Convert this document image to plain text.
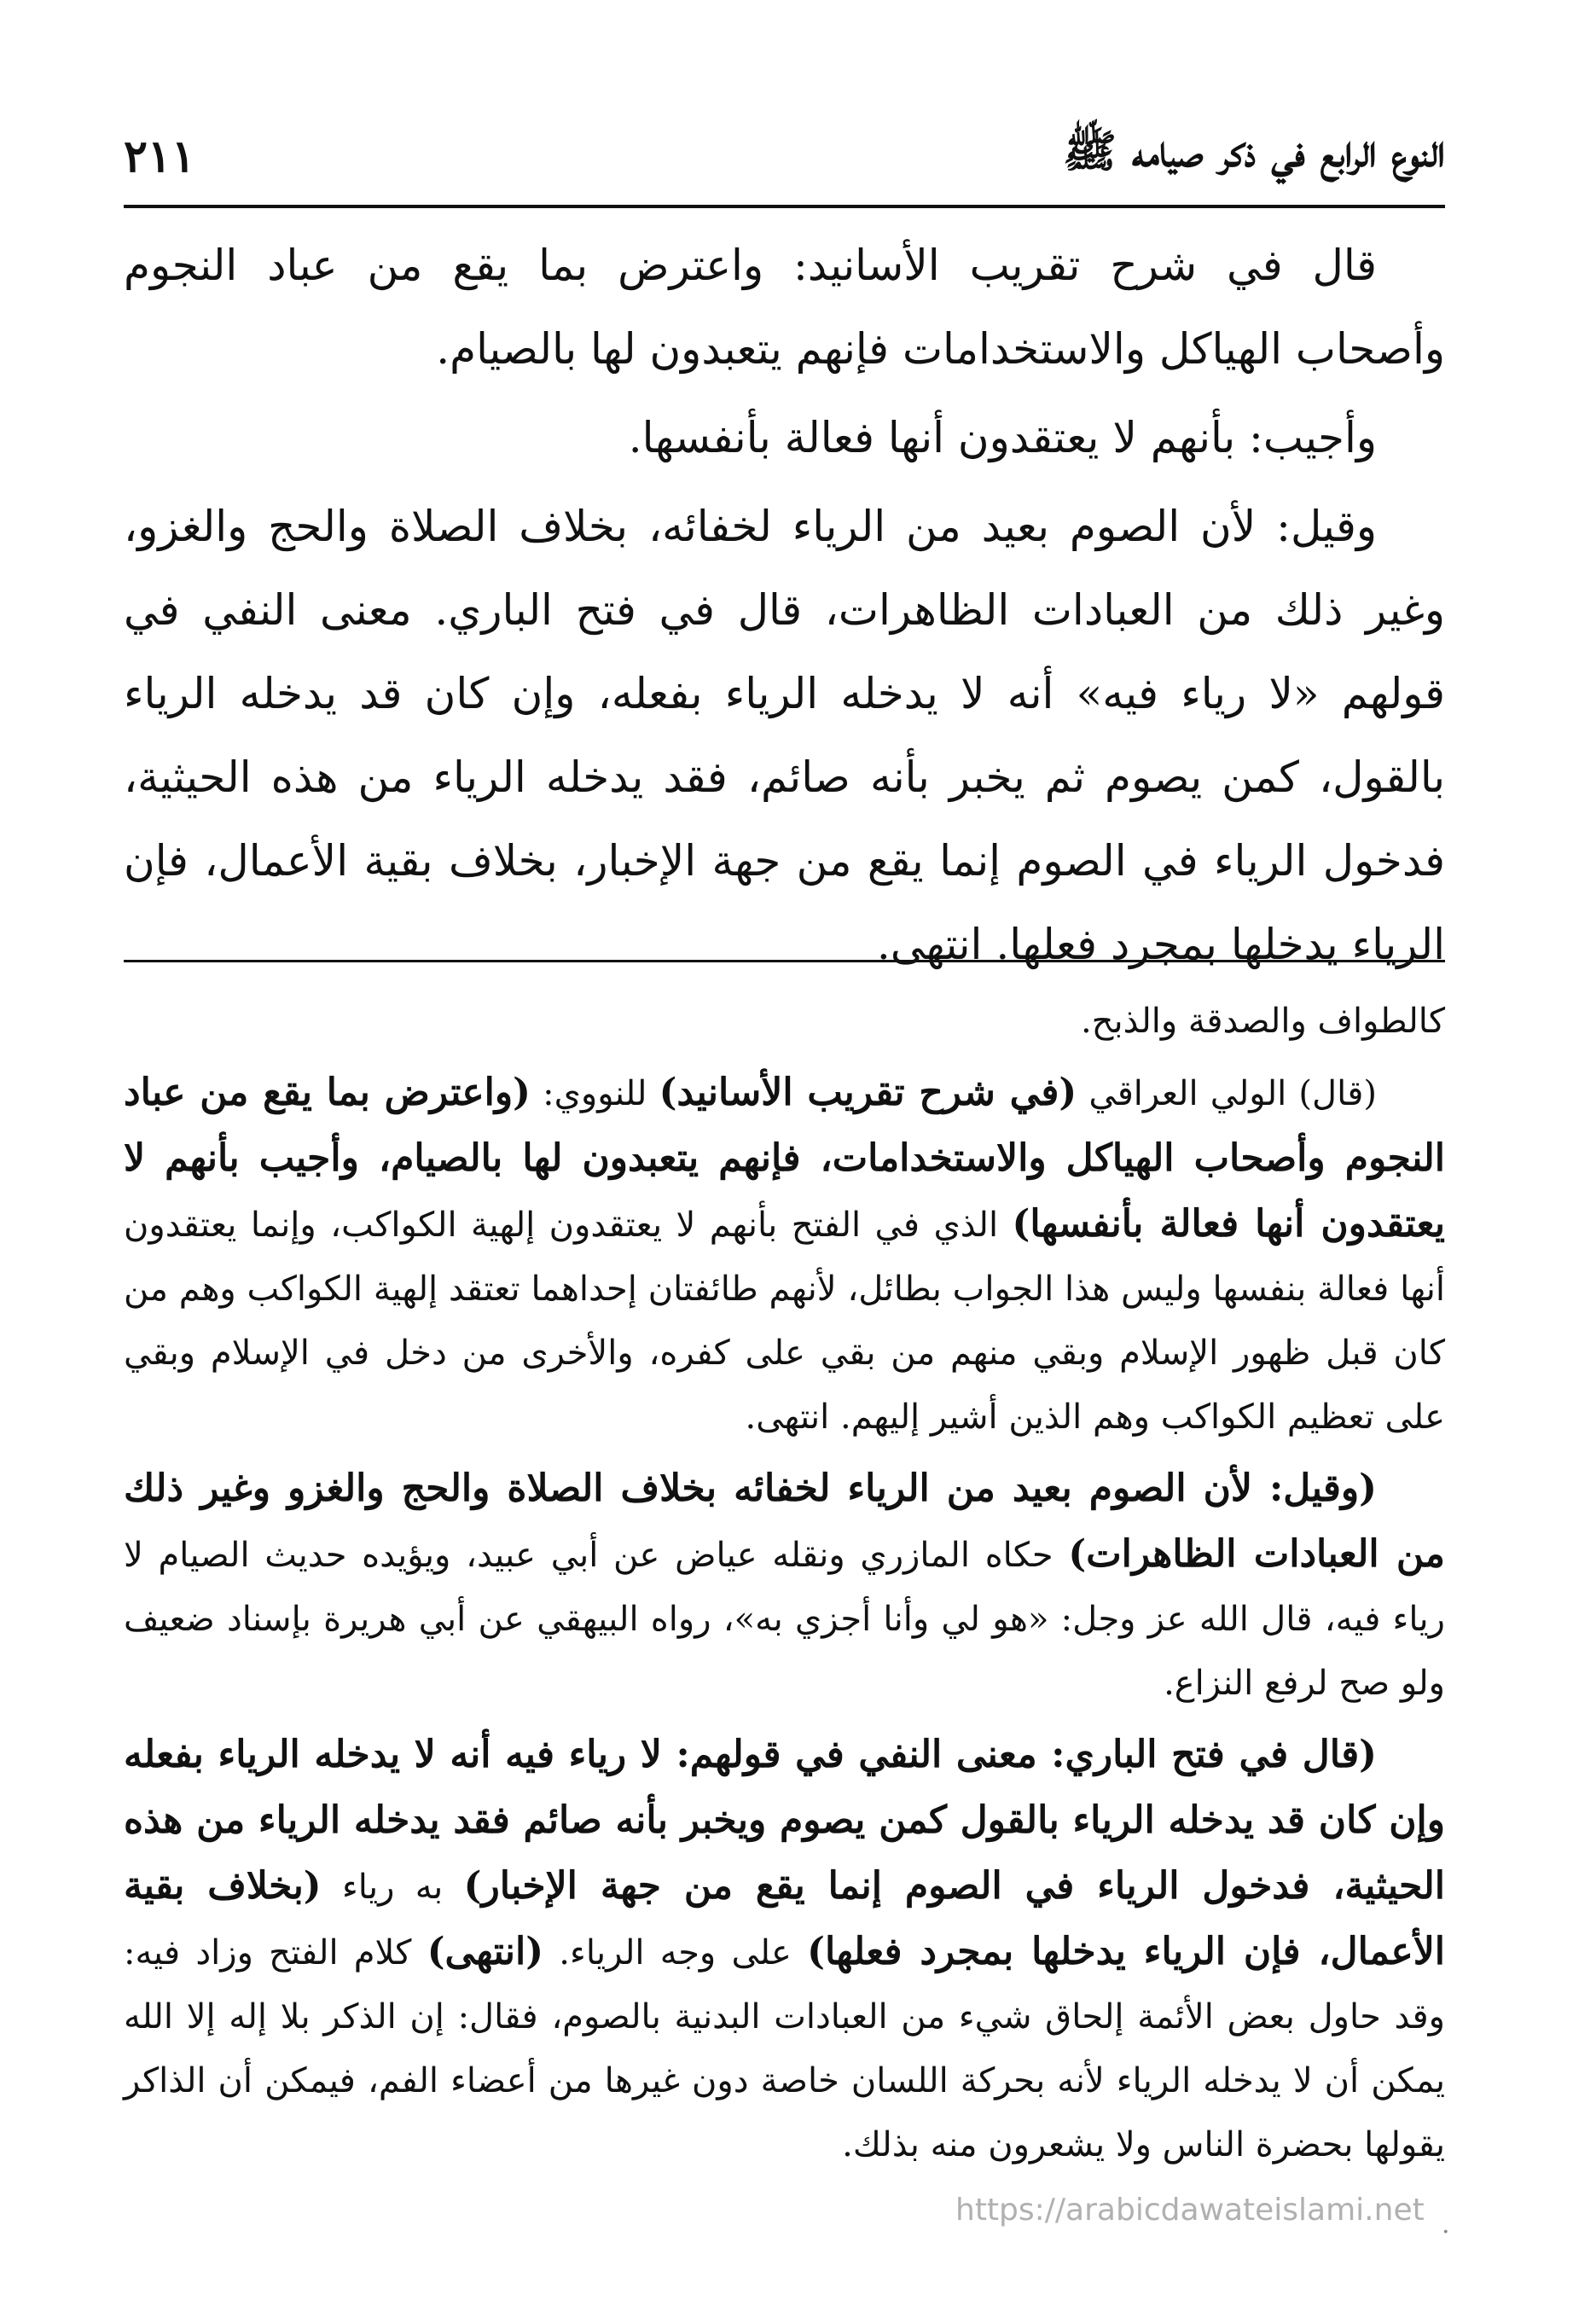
النوع الرابع في ذكر صيامه ﷺ
٢١١

قال في شرح تقريب الأسانيد: واعترض بما يقع من عباد النجوم وأصحاب الهياكل والاستخدامات فإنهم يتعبدون لها بالصيام.

وأجيب: بأنهم لا يعتقدون أنها فعالة بأنفسها.

وقيل: لأن الصوم بعيد من الرياء لخفائه، بخلاف الصلاة والحج والغزو، وغير ذلك من العبادات الظاهرات، قال في فتح الباري. معنى النفي في قولهم «لا رياء فيه» أنه لا يدخله الرياء بفعله، وإن كان قد يدخله الرياء بالقول، كمن يصوم ثم يخبر بأنه صائم، فقد يدخله الرياء من هذه الحيثية، فدخول الرياء في الصوم إنما يقع من جهة الإخبار، بخلاف بقية الأعمال، فإن الرياء يدخلها بمجرد فعلها. انتهى.

كالطواف والصدقة والذبح.

(قال) الولي العراقي (في شرح تقريب الأسانيد) للنووي: (واعترض بما يقع من عباد النجوم وأصحاب الهياكل والاستخدامات، فإنهم يتعبدون لها بالصيام، وأجيب بأنهم لا يعتقدون أنها فعالة بأنفسها) الذي في الفتح بأنهم لا يعتقدون إلهية الكواكب، وإنما يعتقدون أنها فعالة بنفسها وليس هذا الجواب بطائل، لأنهم طائفتان إحداهما تعتقد إلهية الكواكب وهم من كان قبل ظهور الإسلام وبقي منهم من بقي على كفره، والأخرى من دخل في الإسلام وبقي على تعظيم الكواكب وهم الذين أشير إليهم. انتهى.

(وقيل: لأن الصوم بعيد من الرياء لخفائه بخلاف الصلاة والحج والغزو وغير ذلك من العبادات الظاهرات) حكاه المازري ونقله عياض عن أبي عبيد، ويؤيده حديث الصيام لا رياء فيه، قال الله عز وجل: «هو لي وأنا أجزي به»، رواه البيهقي عن أبي هريرة بإسناد ضعيف ولو صح لرفع النزاع.

(قال في فتح الباري: معنى النفي في قولهم: لا رياء فيه أنه لا يدخله الرياء بفعله وإن كان قد يدخله الرياء بالقول كمن يصوم ويخبر بأنه صائم فقد يدخله الرياء من هذه الحيثية، فدخول الرياء في الصوم إنما يقع من جهة الإخبار) به رياء (بخلاف بقية الأعمال، فإن الرياء يدخلها بمجرد فعلها) على وجه الرياء. (انتهى) كلام الفتح وزاد فيه: وقد حاول بعض الأئمة إلحاق شيء من العبادات البدنية بالصوم، فقال: إن الذكر بلا إله إلا الله يمكن أن لا يدخله الرياء لأنه بحركة اللسان خاصة دون غيرها من أعضاء الفم، فيمكن أن الذاكر يقولها بحضرة الناس ولا يشعرون منه بذلك.

https://arabicdawateislami.net .
